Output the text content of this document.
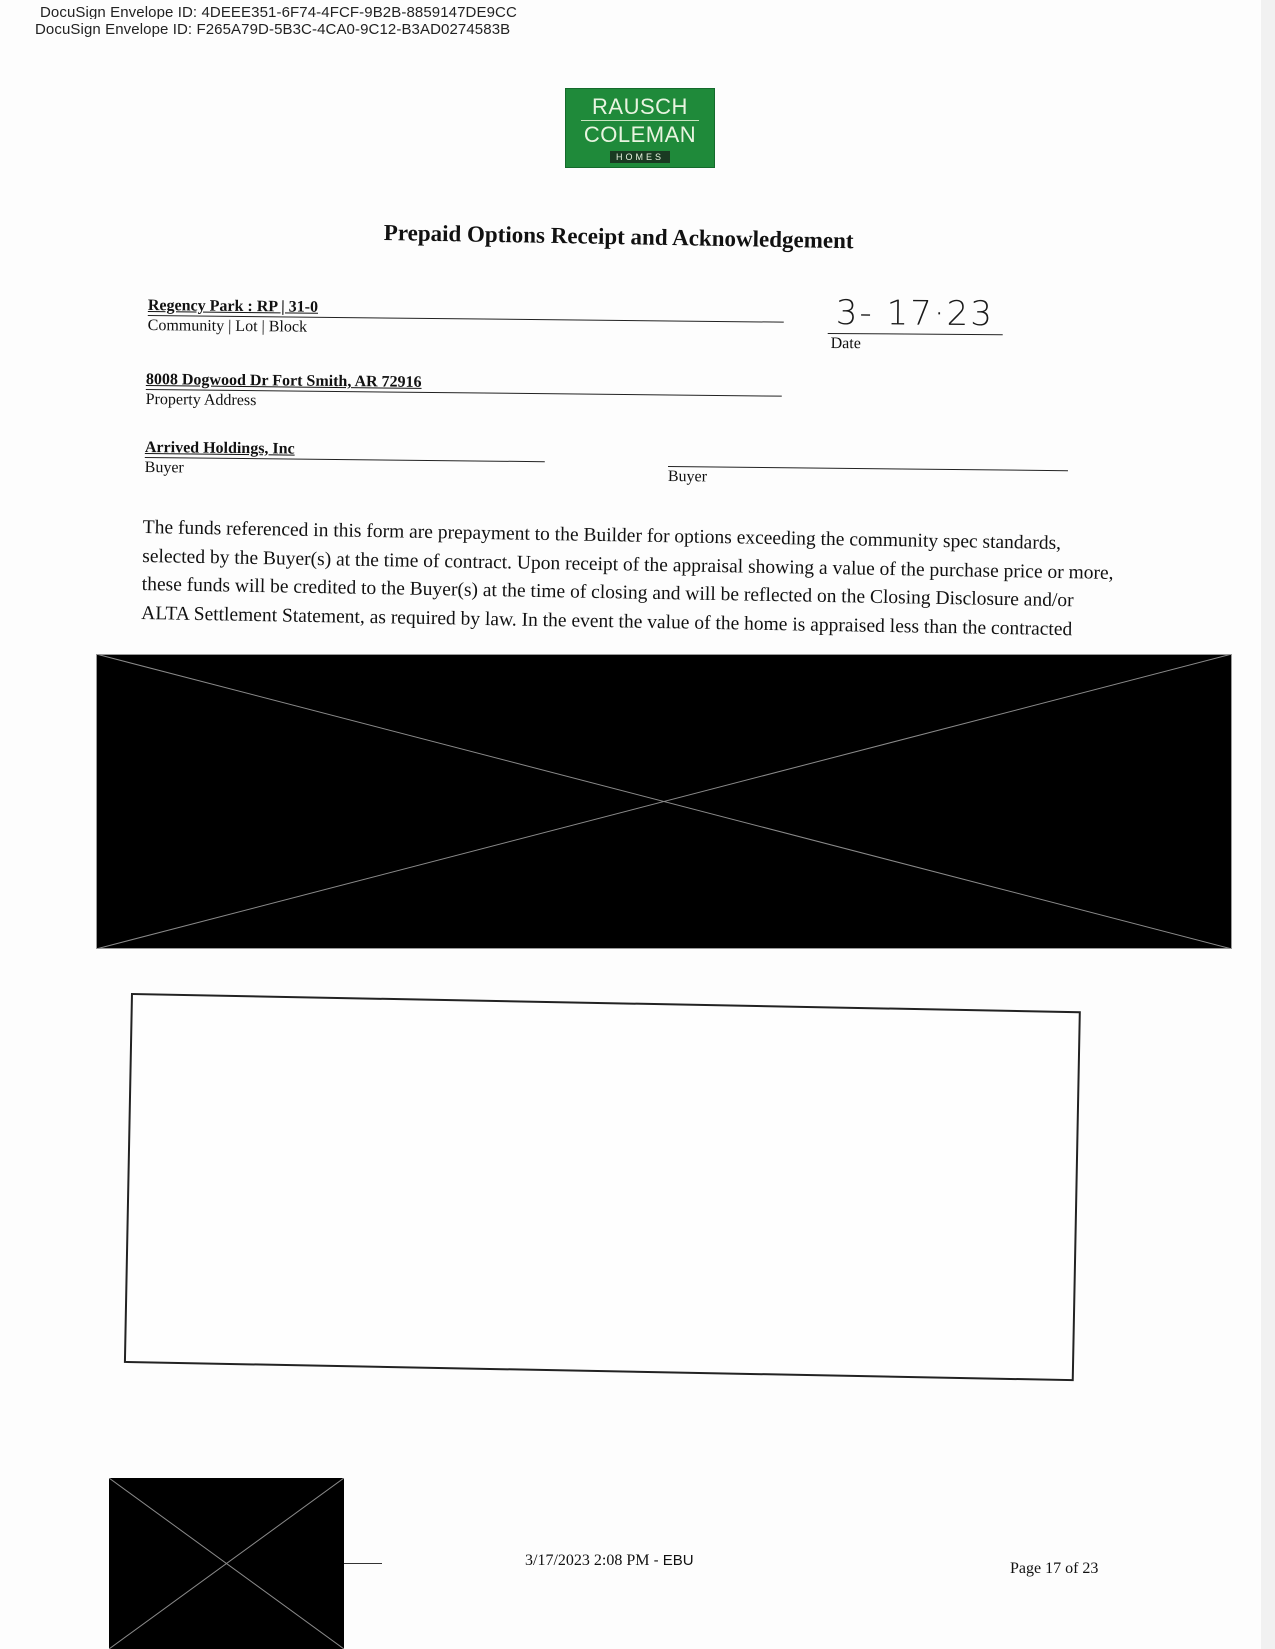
DocuSign Envelope ID: 4DEEE351-6F74-4FCF-9B2B-8859147DE9CC
DocuSign Envelope ID: F265A79D-5B3C-4CA0-9C12-B3AD0274583B
RAUSCH
COLEMAN
HOMES
Prepaid Options Receipt and Acknowledgement
Regency Park : RP | 31-0
Community | Lot | Block	3- 17·23
Date
8008 Dogwood Dr Fort Smith, AR 72916
Property Address
Arrived Holdings, Inc
Buyer
Buyer

The funds referenced in this form are prepayment to the Builder for options exceeding the community spec standards, selected by the Buyer(s) at the time of contract. Upon receipt of the appraisal showing a value of the purchase price or more, these funds will be credited to the Buyer(s) at the time of closing and will be reflected on the Closing Disclosure and/or ALTA Settlement Statement, as required by law. In the event the value of the home is appraised less than the contracted

3/17/2023 2:08 PM - EBU	Page 17 of 23
